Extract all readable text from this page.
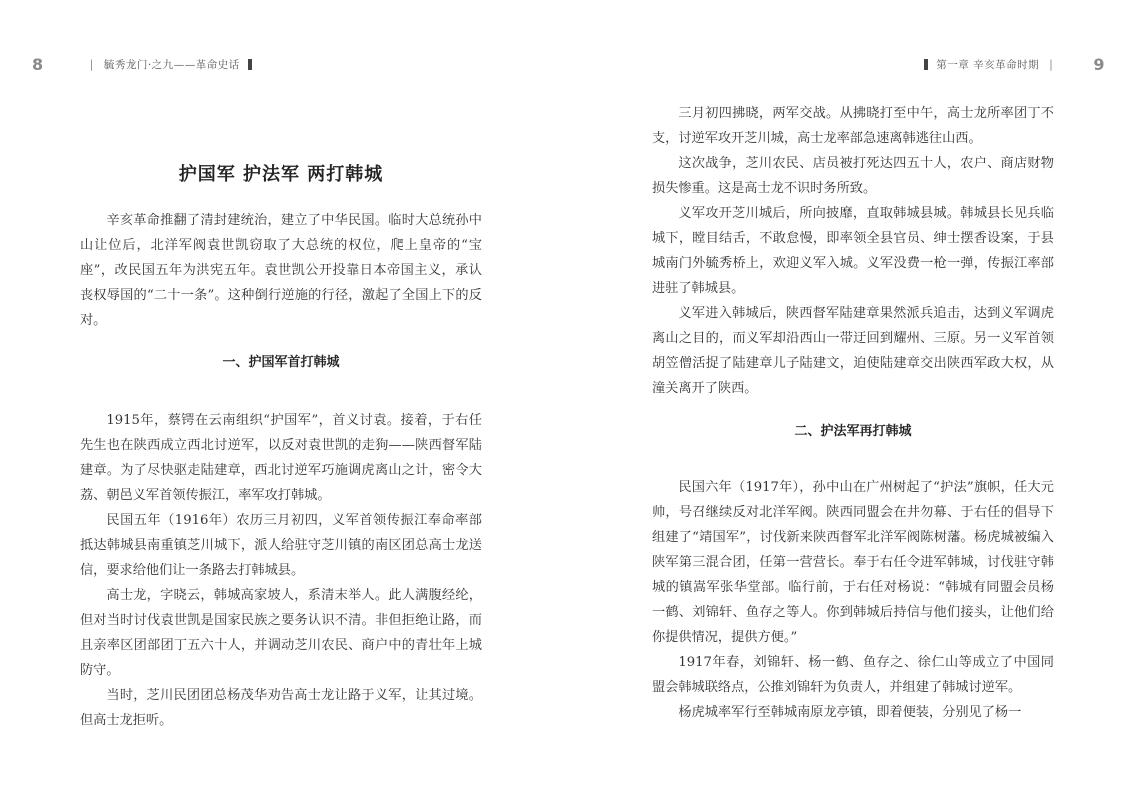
8	| 毓秀龙门·之九——革命史话
护国军 护法军 两打韩城

辛亥革命推翻了清封建统治，建立了中华民国。临时大总统孙中山让位后，北洋军阀袁世凯窃取了大总统的权位，爬上皇帝的“宝座”，改民国五年为洪宪五年。袁世凯公开投靠日本帝国主义，承认丧权辱国的“二十一条”。这种倒行逆施的行径，激起了全国上下的反对。

一、护国军首打韩城

1915年，蔡锷在云南组织“护国军”，首义讨袁。接着，于右任先生也在陕西成立西北讨逆军，以反对袁世凯的走狗——陕西督军陆建章。为了尽快驱走陆建章，西北讨逆军巧施调虎离山之计，密令大荔、朝邑义军首领传振江，率军攻打韩城。

民国五年（1916年）农历三月初四，义军首领传振江奉命率部抵达韩城县南重镇芝川城下，派人给驻守芝川镇的南区团总高士龙送信，要求给他们让一条路去打韩城县。

高士龙，字晓云，韩城高家坡人，系清末举人。此人满腹经纶，但对当时讨伐袁世凯是国家民族之要务认识不清。非但拒绝让路，而且亲率区团部团丁五六十人，并调动芝川农民、商户中的青壮年上城防守。

当时，芝川民团团总杨茂华劝告高士龙让路于义军，让其过境。但高士龙拒听。

第一章 辛亥革命时期 |	9

三月初四拂晓，两军交战。从拂晓打至中午，高士龙所率团丁不支，讨逆军攻开芝川城，高士龙率部急速离韩逃往山西。

这次战争，芝川农民、店员被打死达四五十人，农户、商店财物损失惨重。这是高士龙不识时务所致。

义军攻开芝川城后，所向披靡，直取韩城县城。韩城县长见兵临城下，瞠目结舌，不敢怠慢，即率领全县官员、绅士摆香设案，于县城南门外毓秀桥上，欢迎义军入城。义军没费一枪一弹，传振江率部进驻了韩城县。

义军进入韩城后，陕西督军陆建章果然派兵追击，达到义军调虎离山之目的，而义军却沿西山一带迂回到耀州、三原。另一义军首领 胡笠僧活捉了陆建章儿子陆建文，迫使陆建章交出陕西军政大权，从潼关离开了陕西。

二、护法军再打韩城

民国六年（1917年），孙中山在广州树起了“护法”旗帜，任大元帅，号召继续反对北洋军阀。陕西同盟会在井勿幕、于右任的倡导下组建了“靖国军”，讨伐新来陕西督军北洋军阀陈树藩。杨虎城被编入陕军第三混合团，任第一营营长。奉于右任令进军韩城，讨伐驻守韩城的镇嵩军张华堂部。临行前，于右任对杨说：“韩城有同盟会员杨一鹤、刘锦轩、鱼存之等人。你到韩城后持信与他们接头，让他们给你提供情况，提供方便。”

1917年春，刘锦轩、杨一鹤、鱼存之、徐仁山等成立了中国同盟会韩城联络点，公推刘锦轩为负责人，并组建了韩城讨逆军。

杨虎城率军行至韩城南原龙亭镇，即着便装，分别见了杨一
